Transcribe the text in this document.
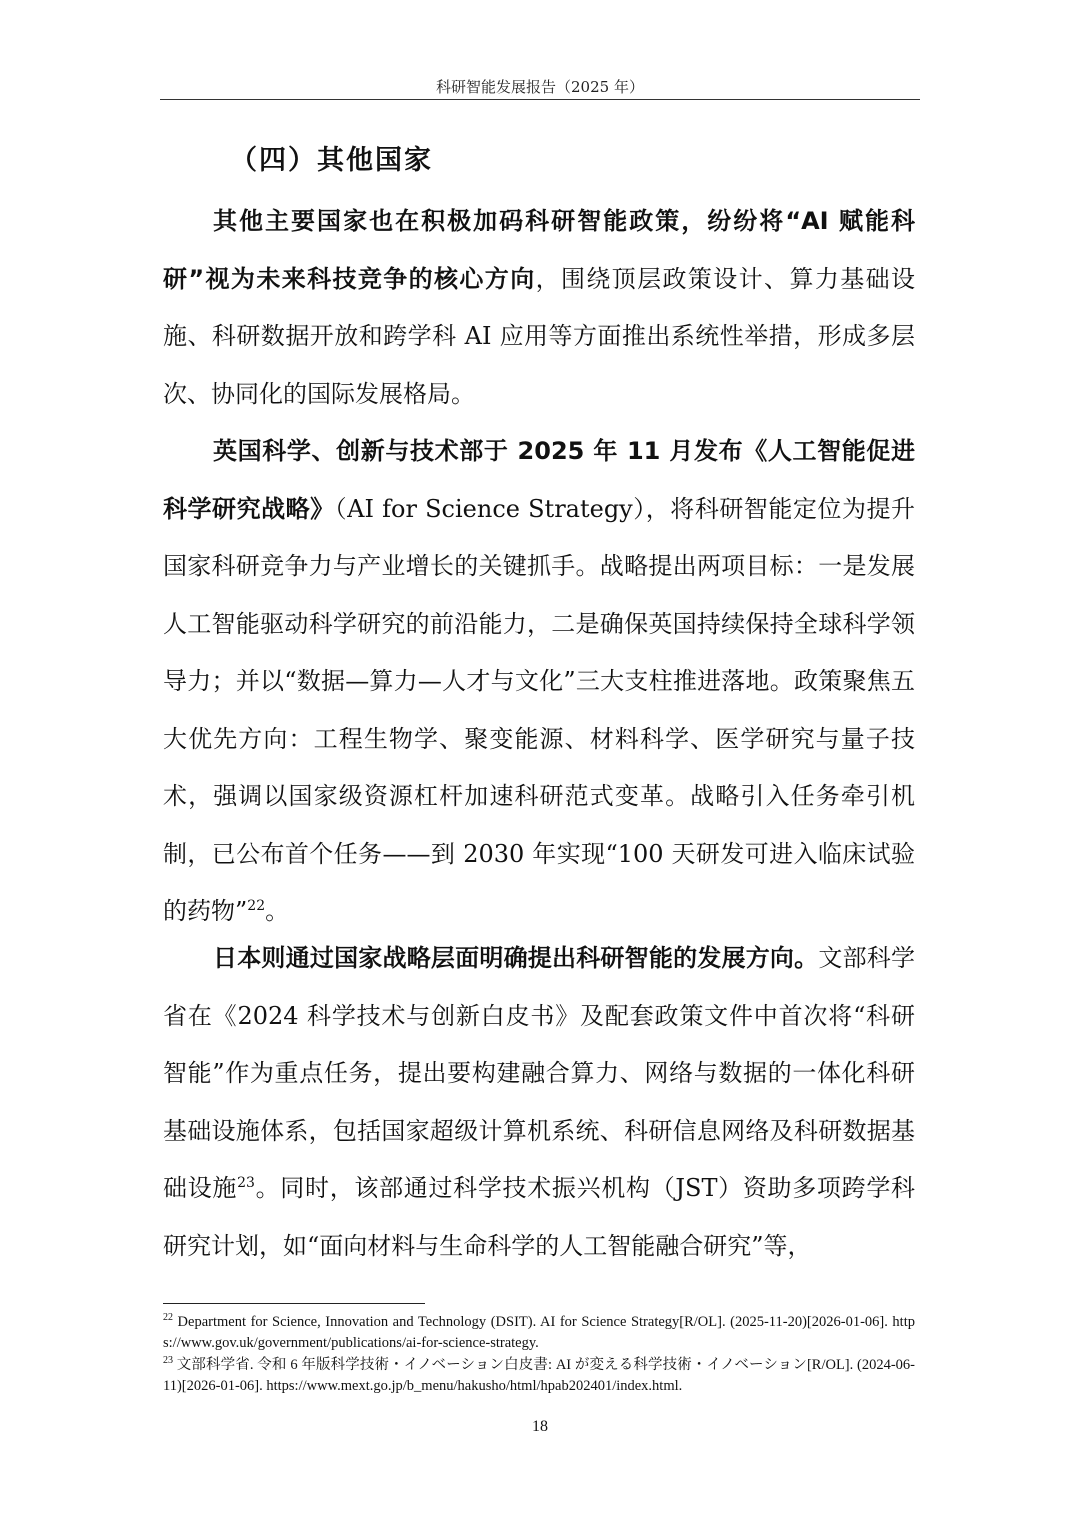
科研智能发展报告（2025 年）
（四）其他国家

其他主要国家也在积极加码科研智能政策，纷纷将“AI 赋能科研”视为未来科技竞争的核心方向，围绕顶层政策设计、算力基础设施、科研数据开放和跨学科 AI 应用等方面推出系统性举措，形成多层次、协同化的国际发展格局。

英国科学、创新与技术部于 2025 年 11 月发布《人工智能促进科学研究战略》（AI for Science Strategy），将科研智能定位为提升国家科研竞争力与产业增长的关键抓手。战略提出两项目标：一是发展人工智能驱动科学研究的前沿能力，二是确保英国持续保持全球科学领导力；并以“数据—算力—人才与文化”三大支柱推进落地。政策聚焦五大优先方向：工程生物学、聚变能源、材料科学、医学研究与量子技术，强调以国家级资源杠杆加速科研范式变革。战略引入任务牵引机制，已公布首个任务——到 2030 年实现“100 天研发可进入临床试验的药物”$^{22}$。

日本则通过国家战略层面明确提出科研智能的发展方向。文部科学省在《2024 科学技术与创新白皮书》及配套政策文件中首次将“科研智能”作为重点任务，提出要构建融合算力、网络与数据的一体化科研基础设施体系，包括国家超级计算机系统、科研信息网络及科研数据基础设施$^{23}$。同时，该部通过科学技术振兴机构（JST）资助多项跨学科研究计划，如“面向材料与生命科学的人工智能融合研究”等，

$^{22}$ Department for Science, Innovation and Technology (DSIT). AI for Science Strategy[R/OL]. (2025-11-20)[2026-01-06]. https://www.gov.uk/government/publications/ai-for-science-strategy.

$^{23}$ 文部科学省. 令和 6 年版科学技術・イノベーション白皮書: AI が変える科学技術・イノベーション[R/OL]. (2024-06-11)[2026-01-06]. https://www.mext.go.jp/b_menu/hakusho/html/hpab202401/index.html.

18
